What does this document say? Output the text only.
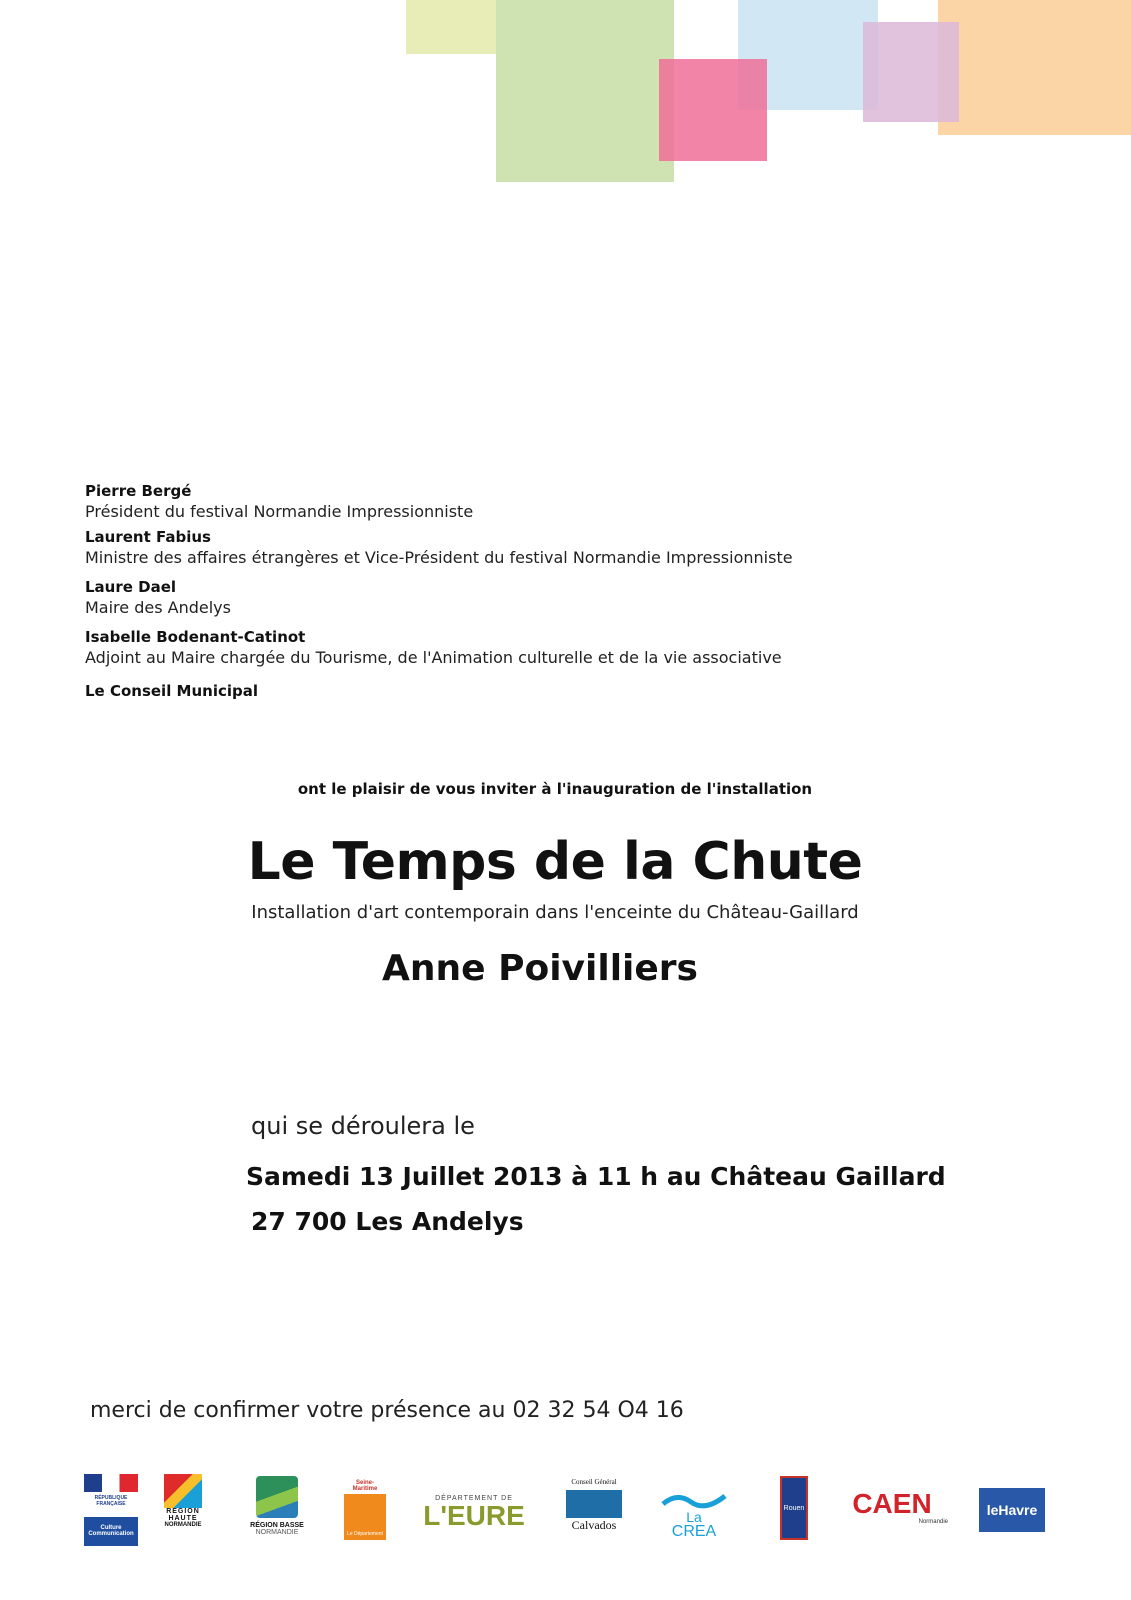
Pierre Bergé
Président du festival Normandie Impressionniste
Laurent Fabius
Ministre des affaires étrangères et Vice-Président du festival Normandie Impressionniste
Laure Dael
Maire des Andelys
Isabelle Bodenant-Catinot
Adjoint au Maire chargée du Tourisme, de l'Animation culturelle et de la vie associative
Le Conseil Municipal
ont le plaisir de vous inviter à l'inauguration de l'installation
Le Temps de la Chute
Installation d'art contemporain dans l'enceinte du Château-Gaillard
Anne Poivilliers
qui se déroulera le
Samedi 13 Juillet 2013 à 11 h au Château Gaillard
27 700 Les Andelys
merci de confirmer votre présence au 02 32 54 O4 16
RÉPUBLIQUE FRANÇAISE
Culture Communication
REGION
HAUTE
NORMANDIE	RÉGION BASSE
NORMANDIE
Seine-Maritime
Le Département
DÉPARTEMENT DE
L'EURE
Conseil Général
Calvados	La
CREA
Rouen CAEN
Normandie
leHavre
